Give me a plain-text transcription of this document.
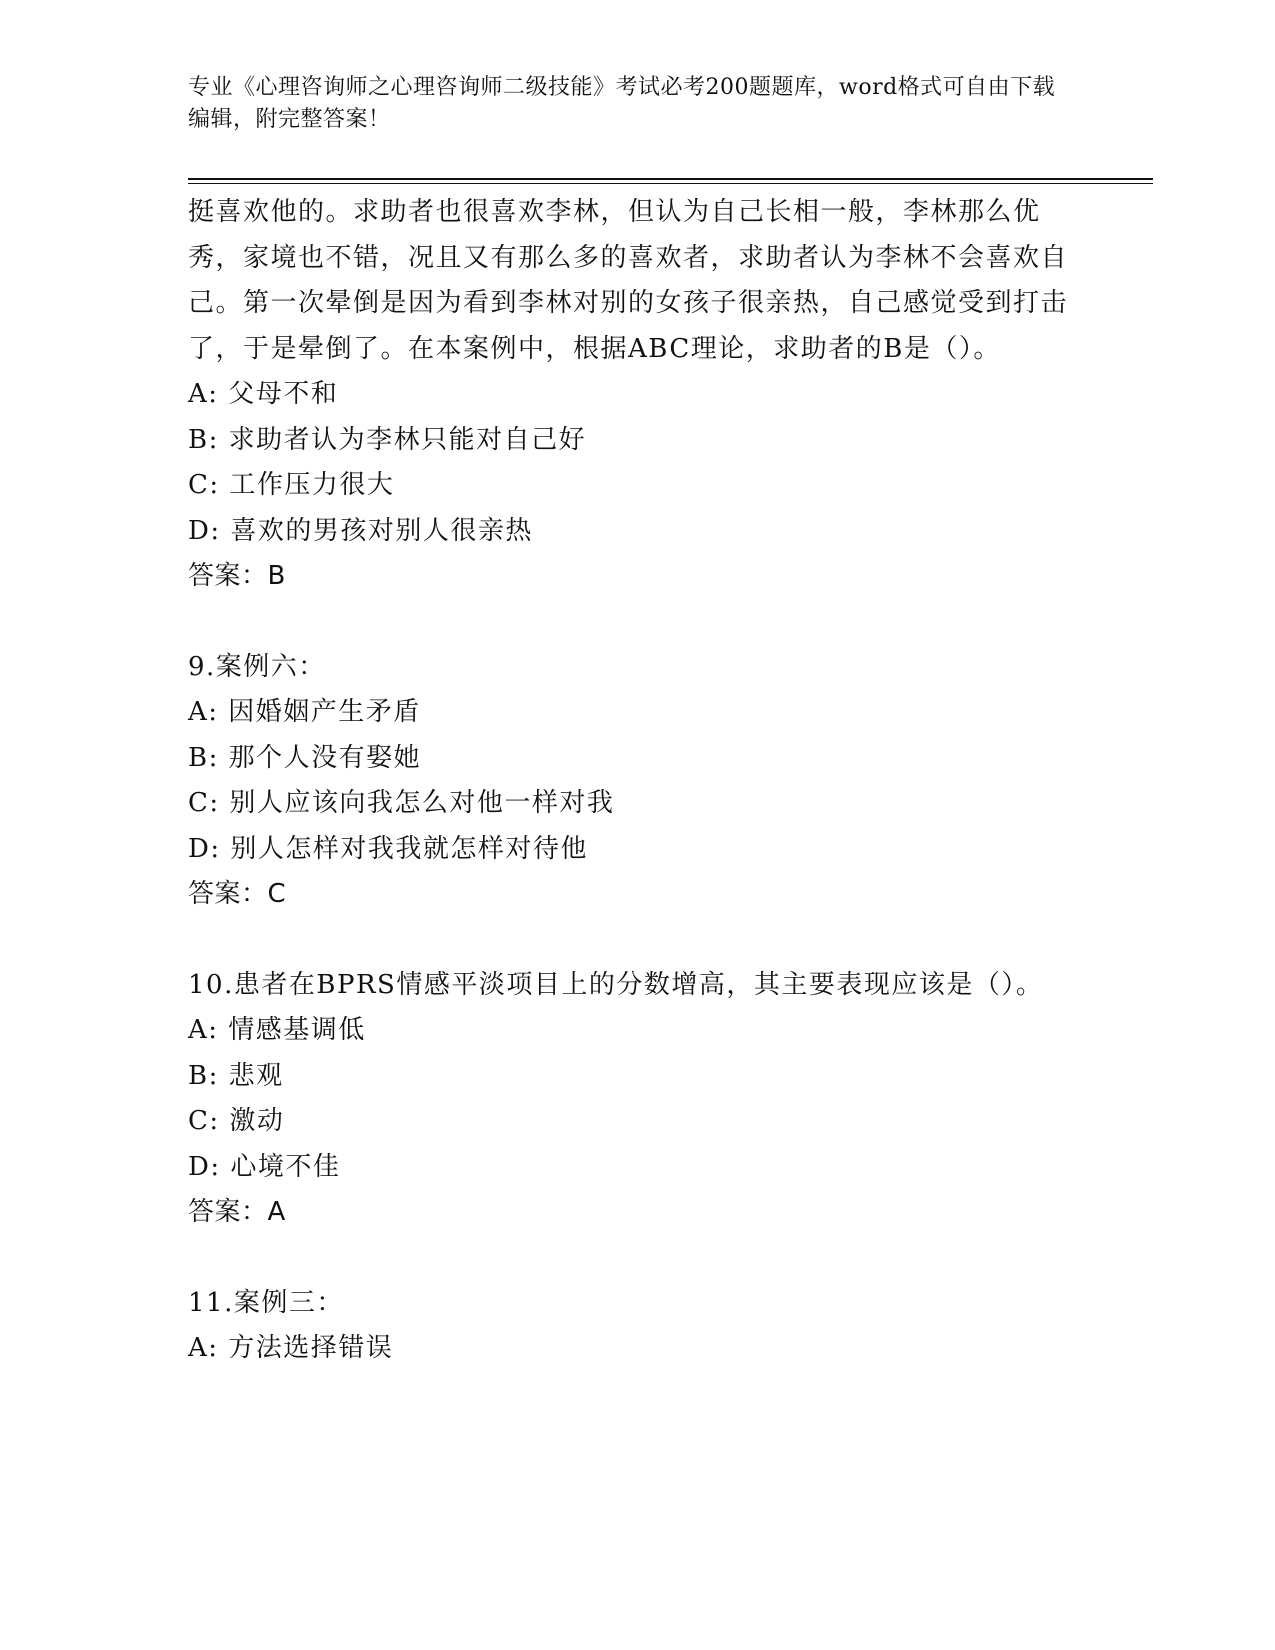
专业《心理咨询师之心理咨询师二级技能》考试必考200题题库，word格式可自由下载编辑，附完整答案！

挺喜欢他的。求助者也很喜欢李林，但认为自己长相一般，李林那么优秀，家境也不错，况且又有那么多的喜欢者，求助者认为李林不会喜欢自己。第一次晕倒是因为看到李林对别的女孩子很亲热，自己感觉受到打击了，于是晕倒了。在本案例中，根据ABC理论，求助者的B是（）。

A: 父母不和

B: 求助者认为李林只能对自己好

C: 工作压力很大

D: 喜欢的男孩对别人很亲热

答案：B

9.案例六：

A: 因婚姻产生矛盾

B: 那个人没有娶她

C: 别人应该向我怎么对他一样对我

D: 别人怎样对我我就怎样对待他

答案：C

10.患者在BPRS情感平淡项目上的分数增高，其主要表现应该是（）。

A: 情感基调低

B: 悲观

C: 激动

D: 心境不佳

答案：A

11.案例三：

A: 方法选择错误
